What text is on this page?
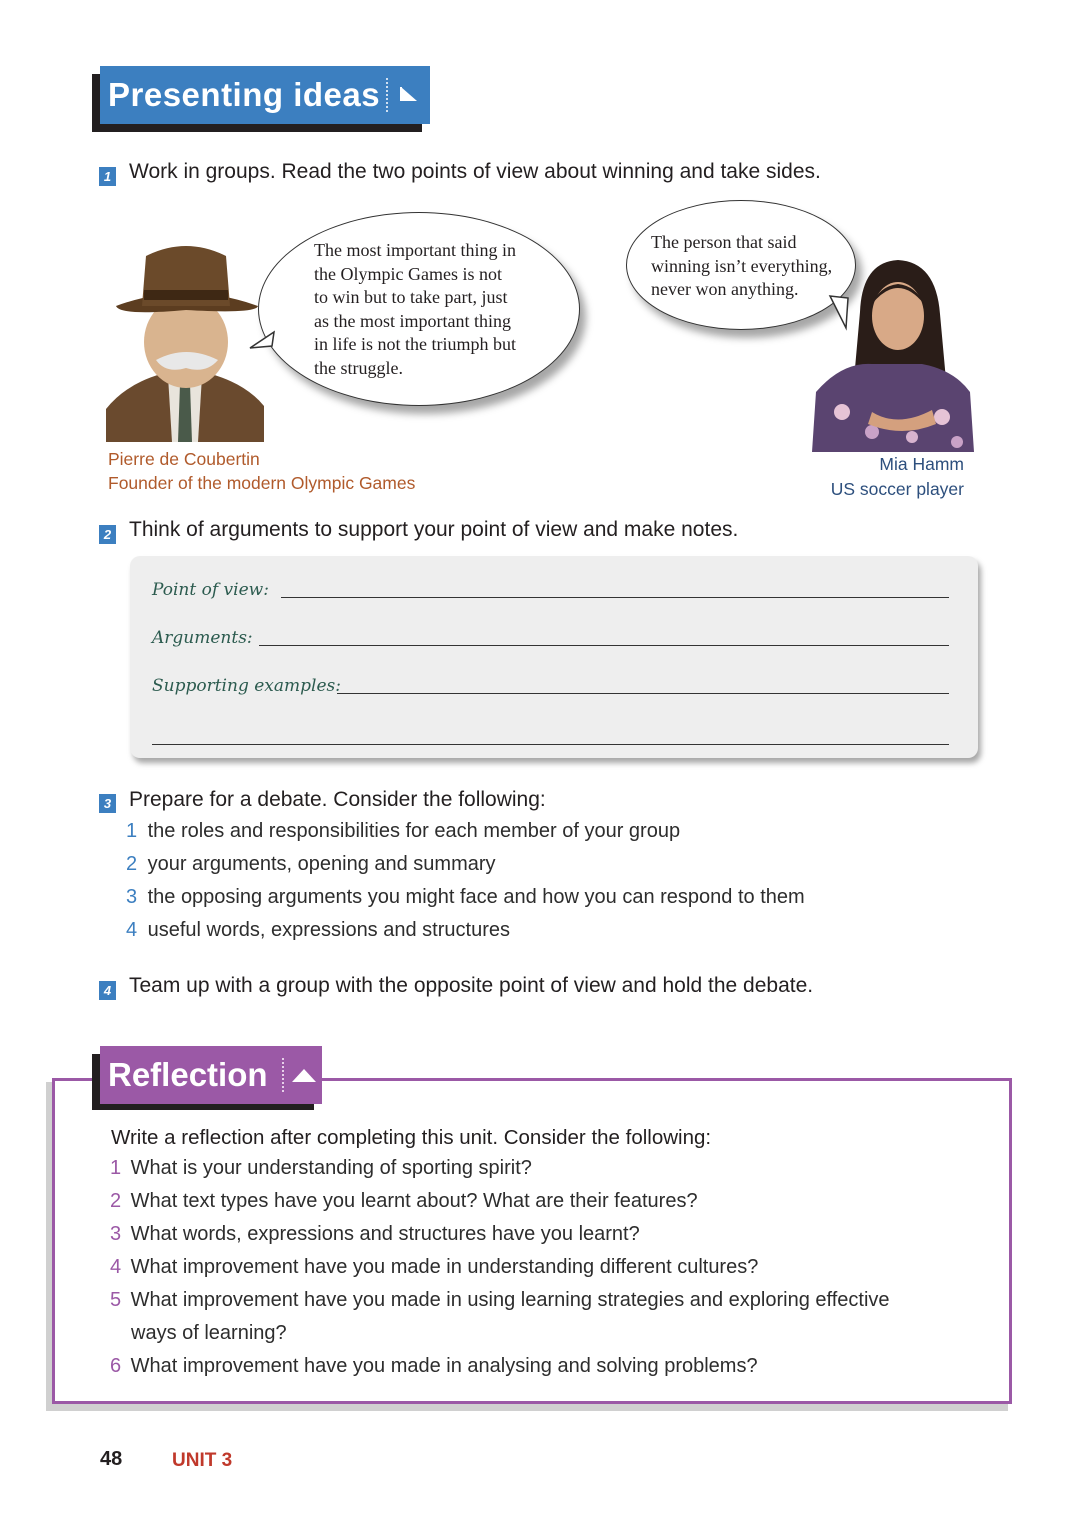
Presenting ideas
1 Work in groups. Read the two points of view about winning and take sides.
The most important thing in
the Olympic Games is not
to win but to take part, just
as the most important thing
in life is not the triumph but
the struggle.
The person that said
winning isn’t everything,
never won anything.
Pierre de Coubertin
Founder of the modern Olympic Games
Mia Hamm
US soccer player
2 Think of arguments to support your point of view and make notes.
Point of view:
Arguments:
Supporting examples:
3 Prepare for a debate. Consider the following:
1 the roles and responsibilities for each member of your group
2 your arguments, opening and summary
3 the opposing arguments you might face and how you can respond to them
4 useful words, expressions and structures
4 Team up with a group with the opposite point of view and hold the debate.
Reflection
Write a reflection after completing this unit. Consider the following:
1 What is your understanding of sporting spirit?
2 What text types have you learnt about? What are their features?
3 What words, expressions and structures have you learnt?
4 What improvement have you made in understanding different cultures?
5 What improvement have you made in using learning strategies and exploring effective
ways of learning?
6 What improvement have you made in analysing and solving problems?
48	UNIT 3
